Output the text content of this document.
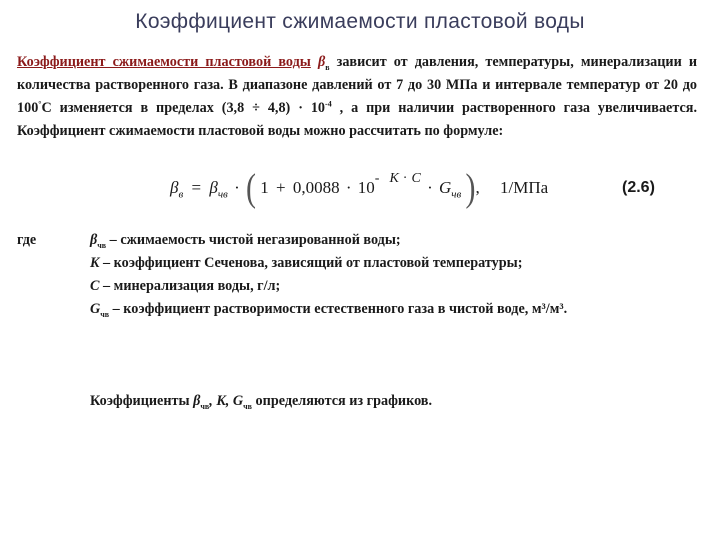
Коэффициент сжимаемости пластовой воды
Коэффициент сжимаемости пластовой воды $\beta_в$ зависит от давления, температуры, минерализации и количества растворенного газа. В диапазоне давлений от 7 до 30 МПа и интервале температур от 20 до 100°С изменяется в пределах $(3,8 \div 4,8) \cdot 10^{-4}$ , а при наличии растворенного газа увеличивается. Коэффициент сжимаемости пластовой воды можно рассчитать по формуле:
$\beta_в = \beta_{чв}$ · ( 1 + 0,0088 · 10- $K \cdot C \cdot G_{чв}$ ), 1/МПа	(2.6)
где	$\beta_{чв}$ – сжимаемость чистой негазированной воды;
K – коэффициент Сеченова, зависящий от пластовой температуры;
C – минерализация воды, г/л;
$G_{чв}$ – коэффициент растворимости естественного газа в чистой воде, м³/м³.
Коэффициенты $\beta_{чв}$, K, $G_{чв}$ определяются из графиков.
